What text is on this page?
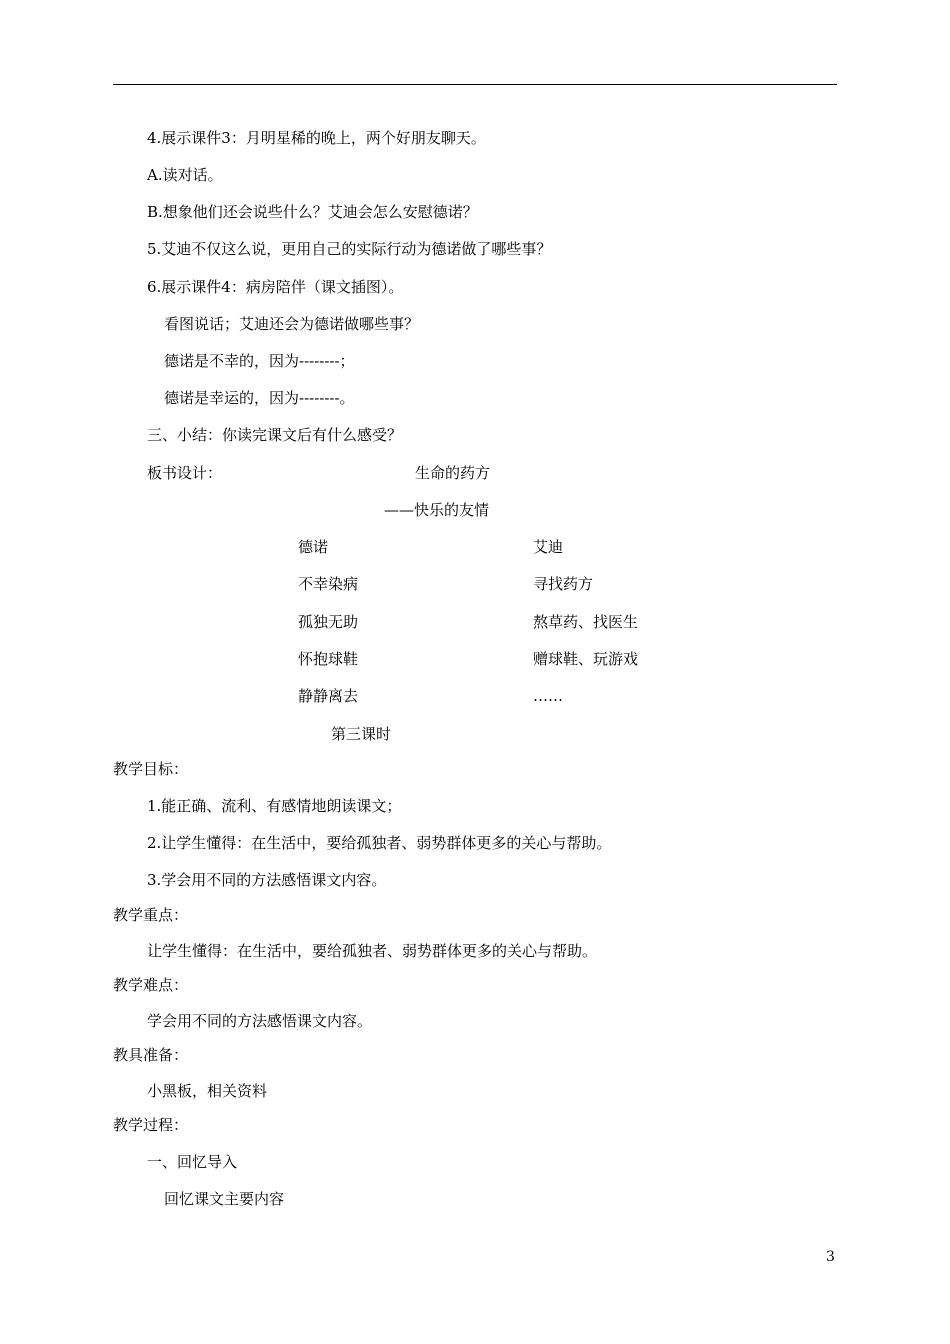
4.展示课件3：月明星稀的晚上，两个好朋友聊天。
A.读对话。
B.想象他们还会说些什么？艾迪会怎么安慰德诺？
5.艾迪不仅这么说，更用自己的实际行动为德诺做了哪些事？
6.展示课件4：病房陪伴（课文插图）。
看图说话；艾迪还会为德诺做哪些事？
德诺是不幸的，因为--------；
德诺是幸运的，因为--------。
三、小结：你读完课文后有什么感受？
板书设计：	生命的药方
——快乐的友情
德诺	艾迪
不幸染病	寻找药方
孤独无助	熬草药、找医生
怀抱球鞋	赠球鞋、玩游戏
静静离去	……
第三课时
教学目标：
1.能正确、流利、有感情地朗读课文；
2.让学生懂得：在生活中，要给孤独者、弱势群体更多的关心与帮助。
3.学会用不同的方法感悟课文内容。
教学重点：
让学生懂得：在生活中，要给孤独者、弱势群体更多的关心与帮助。
教学难点：
学会用不同的方法感悟课文内容。
教具准备：
小黑板，相关资料
教学过程：
一、回忆导入
回忆课文主要内容
3
